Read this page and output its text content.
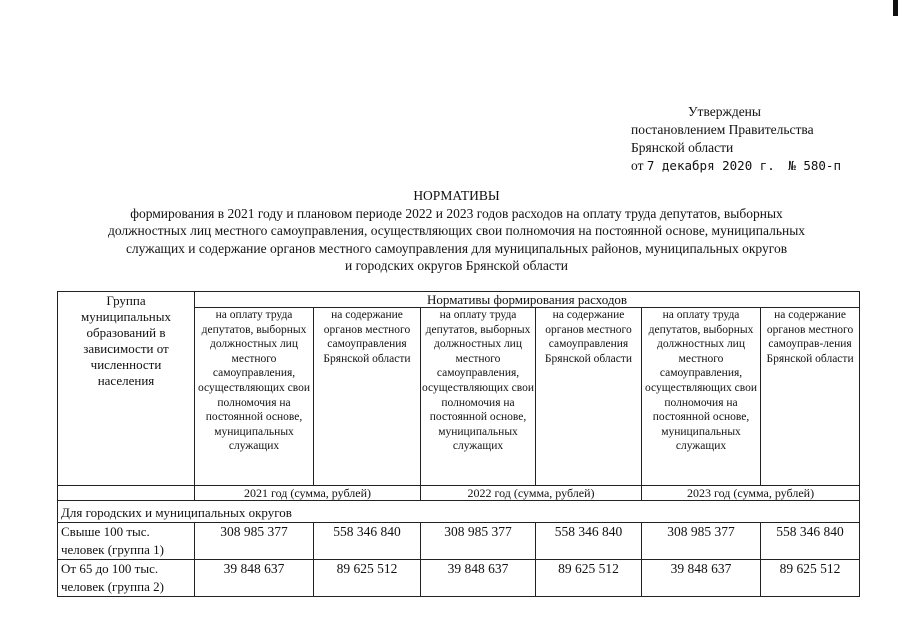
Утверждены
постановлением Правительства
Брянской области
от 7 декабря 2020 г. № 580-п
НОРМАТИВЫ
формирования в 2021 году и плановом периоде 2022 и 2023 годов расходов на оплату труда депутатов, выборных
должностных лиц местного самоуправления, осуществляющих свои полномочия на постоянной основе, муниципальных
служащих и содержание органов местного самоуправления для муниципальных районов, муниципальных округов
и городских округов Брянской области
Группа муниципальных образований в зависимости от численности населения	Нормативы формирования расходов					
	на оплату труда депутатов, выборных должностных лиц местного самоуправления, осуществляющих свои полномочия на постоянной основе, муниципальных служащих	на содержание органов местного самоуправления Брянской области	на оплату труда депутатов, выборных должностных лиц местного самоуправления, осуществляющих свои полномочия на постоянной основе, муниципальных служащих	на содержание органов местного самоуправления Брянской области	на оплату труда депутатов, выборных должностных лиц местного самоуправления, осуществляющих свои полномочия на постоянной основе, муниципальных служащих	на содержание органов местного самоуправ-ления Брянской области
	2021 год (сумма, рублей)		2022 год (сумма, рублей)		2023 год (сумма, рублей)	
Для городских и муниципальных округов						
Свыше 100 тыс. человек (группа 1)	308 985 377	558 346 840	308 985 377	558 346 840	308 985 377	558 346 840
От 65 до 100 тыс. человек (группа 2)	39 848 637	89 625 512	39 848 637	89 625 512	39 848 637	89 625 512
